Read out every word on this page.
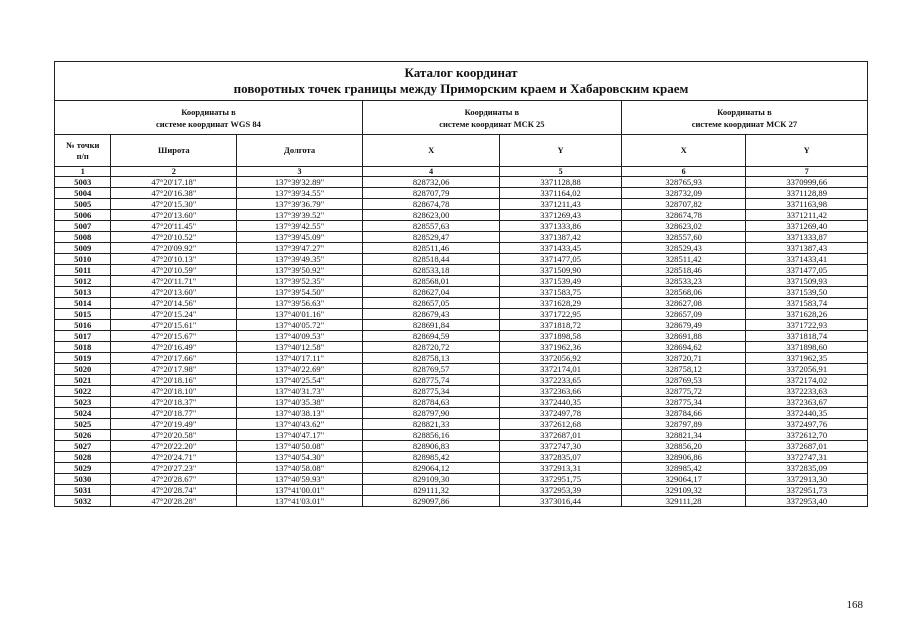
Каталог координат
поворотных точек границы между Приморским краем и Хабаровским краем						

Координаты в
системе координат WGS 84			Координаты в
системе координат МСК 25		Координаты в
системе координат МСК 27	

№ точки
п/п	Широта	Долгота	X	Y	X	Y
1	2	3	4	5	6	7
5003	47°20'17.18"	137°39'32.89"	828732,06	3371128,88	328765,93	3370999,66
5004	47°20'16.38"	137°39'34.55"	828707,79	3371164,02	328732,09	3371128,89
5005	47°20'15.30"	137°39'36.79"	828674,78	3371211,43	328707,82	3371163,98
5006	47°20'13.60"	137°39'39.52"	828623,00	3371269,43	328674,78	3371211,42
5007	47°20'11.45"	137°39'42.55"	828557,63	3371333,86	328623,02	3371269,40
5008	47°20'10.52"	137°39'45.09"	828529,47	3371387,42	328557,60	3371333,87
5009	47°20'09.92"	137°39'47.27"	828511,46	3371433,45	328529,43	3371387,43
5010	47°20'10.13"	137°39'49.35"	828518,44	3371477,05	328511,42	3371433,41
5011	47°20'10.59"	137°39'50.92"	828533,18	3371509,90	328518,46	3371477,05
5012	47°20'11.71"	137°39'52.35"	828568,01	3371539,49	328533,23	3371509,93
5013	47°20'13.60"	137°39'54.50"	828627,04	3371583,75	328568,06	3371539,50
5014	47°20'14.56"	137°39'56.63"	828657,05	3371628,29	328627,08	3371583,74
5015	47°20'15.24"	137°40'01.16"	828679,43	3371722,95	328657,09	3371628,26
5016	47°20'15.61"	137°40'05.72"	828691,84	3371818,72	328679,49	3371722,93
5017	47°20'15.67"	137°40'09.53"	828694,59	3371898,58	328691,88	3371818,74
5018	47°20'16.49"	137°40'12.58"	828720,72	3371962,36	328694,62	3371898,60
5019	47°20'17.66"	137°40'17.11"	828758,13	3372056,92	328720,71	3371962,35
5020	47°20'17.98"	137°40'22.69"	828769,57	3372174,01	328758,12	3372056,91
5021	47°20'18.16"	137°40'25.54"	828775,74	3372233,65	328769,53	3372174,02
5022	47°20'18.10"	137°40'31.73"	828775,34	3372363,66	328775,72	3372233,63
5023	47°20'18.37"	137°40'35.38"	828784,63	3372440,35	328775,34	3372363,67
5024	47°20'18.77"	137°40'38.13"	828797,90	3372497,78	328784,66	3372440,35
5025	47°20'19.49"	137°40'43.62"	828821,33	3372612,68	328797,89	3372497,76
5026	47°20'20.58"	137°40'47.17"	828856,16	3372687,01	328821,34	3372612,70
5027	47°20'22.20"	137°40'50.08"	828906,83	3372747,30	328856,20	3372687,01
5028	47°20'24.71"	137°40'54.30"	828985,42	3372835,07	328906,86	3372747,31
5029	47°20'27.23"	137°40'58.08"	829064,12	3372913,31	328985,42	3372835,09
5030	47°20'28.67"	137°40'59.93"	829109,30	3372951,75	329064,17	3372913,30
5031	47°20'28.74"	137°41'00.01"	829111,32	3372953,39	329109,32	3372951,73
5032	47°20'28.28"	137°41'03.01"	829097,86	3373016,44	329111,28	3372953,40
168
